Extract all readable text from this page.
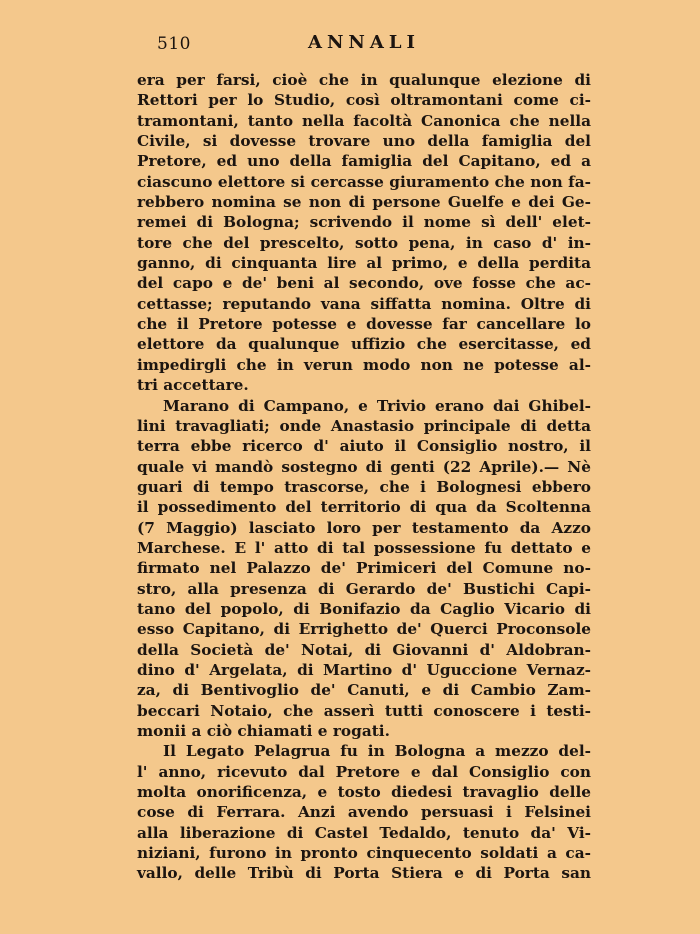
510	ANNALI
era per farsi, cioè che in qualunque elezione di
Rettori per lo Studio, così oltramontani come ci-
tramontani, tanto nella facoltà Canonica che nella
Civile, si dovesse trovare uno della famiglia del
Pretore, ed uno della famiglia del Capitano, ed a
ciascuno elettore si cercasse giuramento che non fa-
rebbero nomina se non di persone Guelfe e dei Ge-
remei di Bologna; scrivendo il nome sì dell' elet-
tore che del prescelto, sotto pena, in caso d' in-
ganno, di cinquanta lire al primo, e della perdita
del capo e de' beni al secondo, ove fosse che ac-
cettasse; reputando vana siffatta nomina. Oltre di
che il Pretore potesse e dovesse far cancellare lo
elettore da qualunque uffizio che esercitasse, ed
impedirgli che in verun modo non ne potesse al-
tri accettare.
Marano di Campano, e Trivio erano dai Ghibel-
lini travagliati; onde Anastasio principale di detta
terra ebbe ricerco d' aiuto il Consiglio nostro, il
quale vi mandò sostegno di genti (22 Aprile).— Nè
guari di tempo trascorse, che i Bolognesi ebbero
il possedimento del territorio di qua da Scoltenna
(7 Maggio) lasciato loro per testamento da Azzo
Marchese. E l' atto di tal possessione fu dettato e
firmato nel Palazzo de' Primiceri del Comune no-
stro, alla presenza di Gerardo de' Bustichi Capi-
tano del popolo, di Bonifazio da Caglio Vicario di
esso Capitano, di Errighetto de' Querci Proconsole
della Società de' Notai, di Giovanni d' Aldobran-
dino d' Argelata, di Martino d' Uguccione Vernaz-
za, di Bentivoglio de' Canuti, e di Cambio Zam-
beccari Notaio, che asserì tutti conoscere i testi-
monii a ciò chiamati e rogati.
Il Legato Pelagrua fu in Bologna a mezzo del-
l' anno, ricevuto dal Pretore e dal Consiglio con
molta onorificenza, e tosto diedesi travaglio delle
cose di Ferrara. Anzi avendo persuasi i Felsinei
alla liberazione di Castel Tedaldo, tenuto da' Vi-
niziani, furono in pronto cinquecento soldati a ca-
vallo, delle Tribù di Porta Stiera e di Porta san
